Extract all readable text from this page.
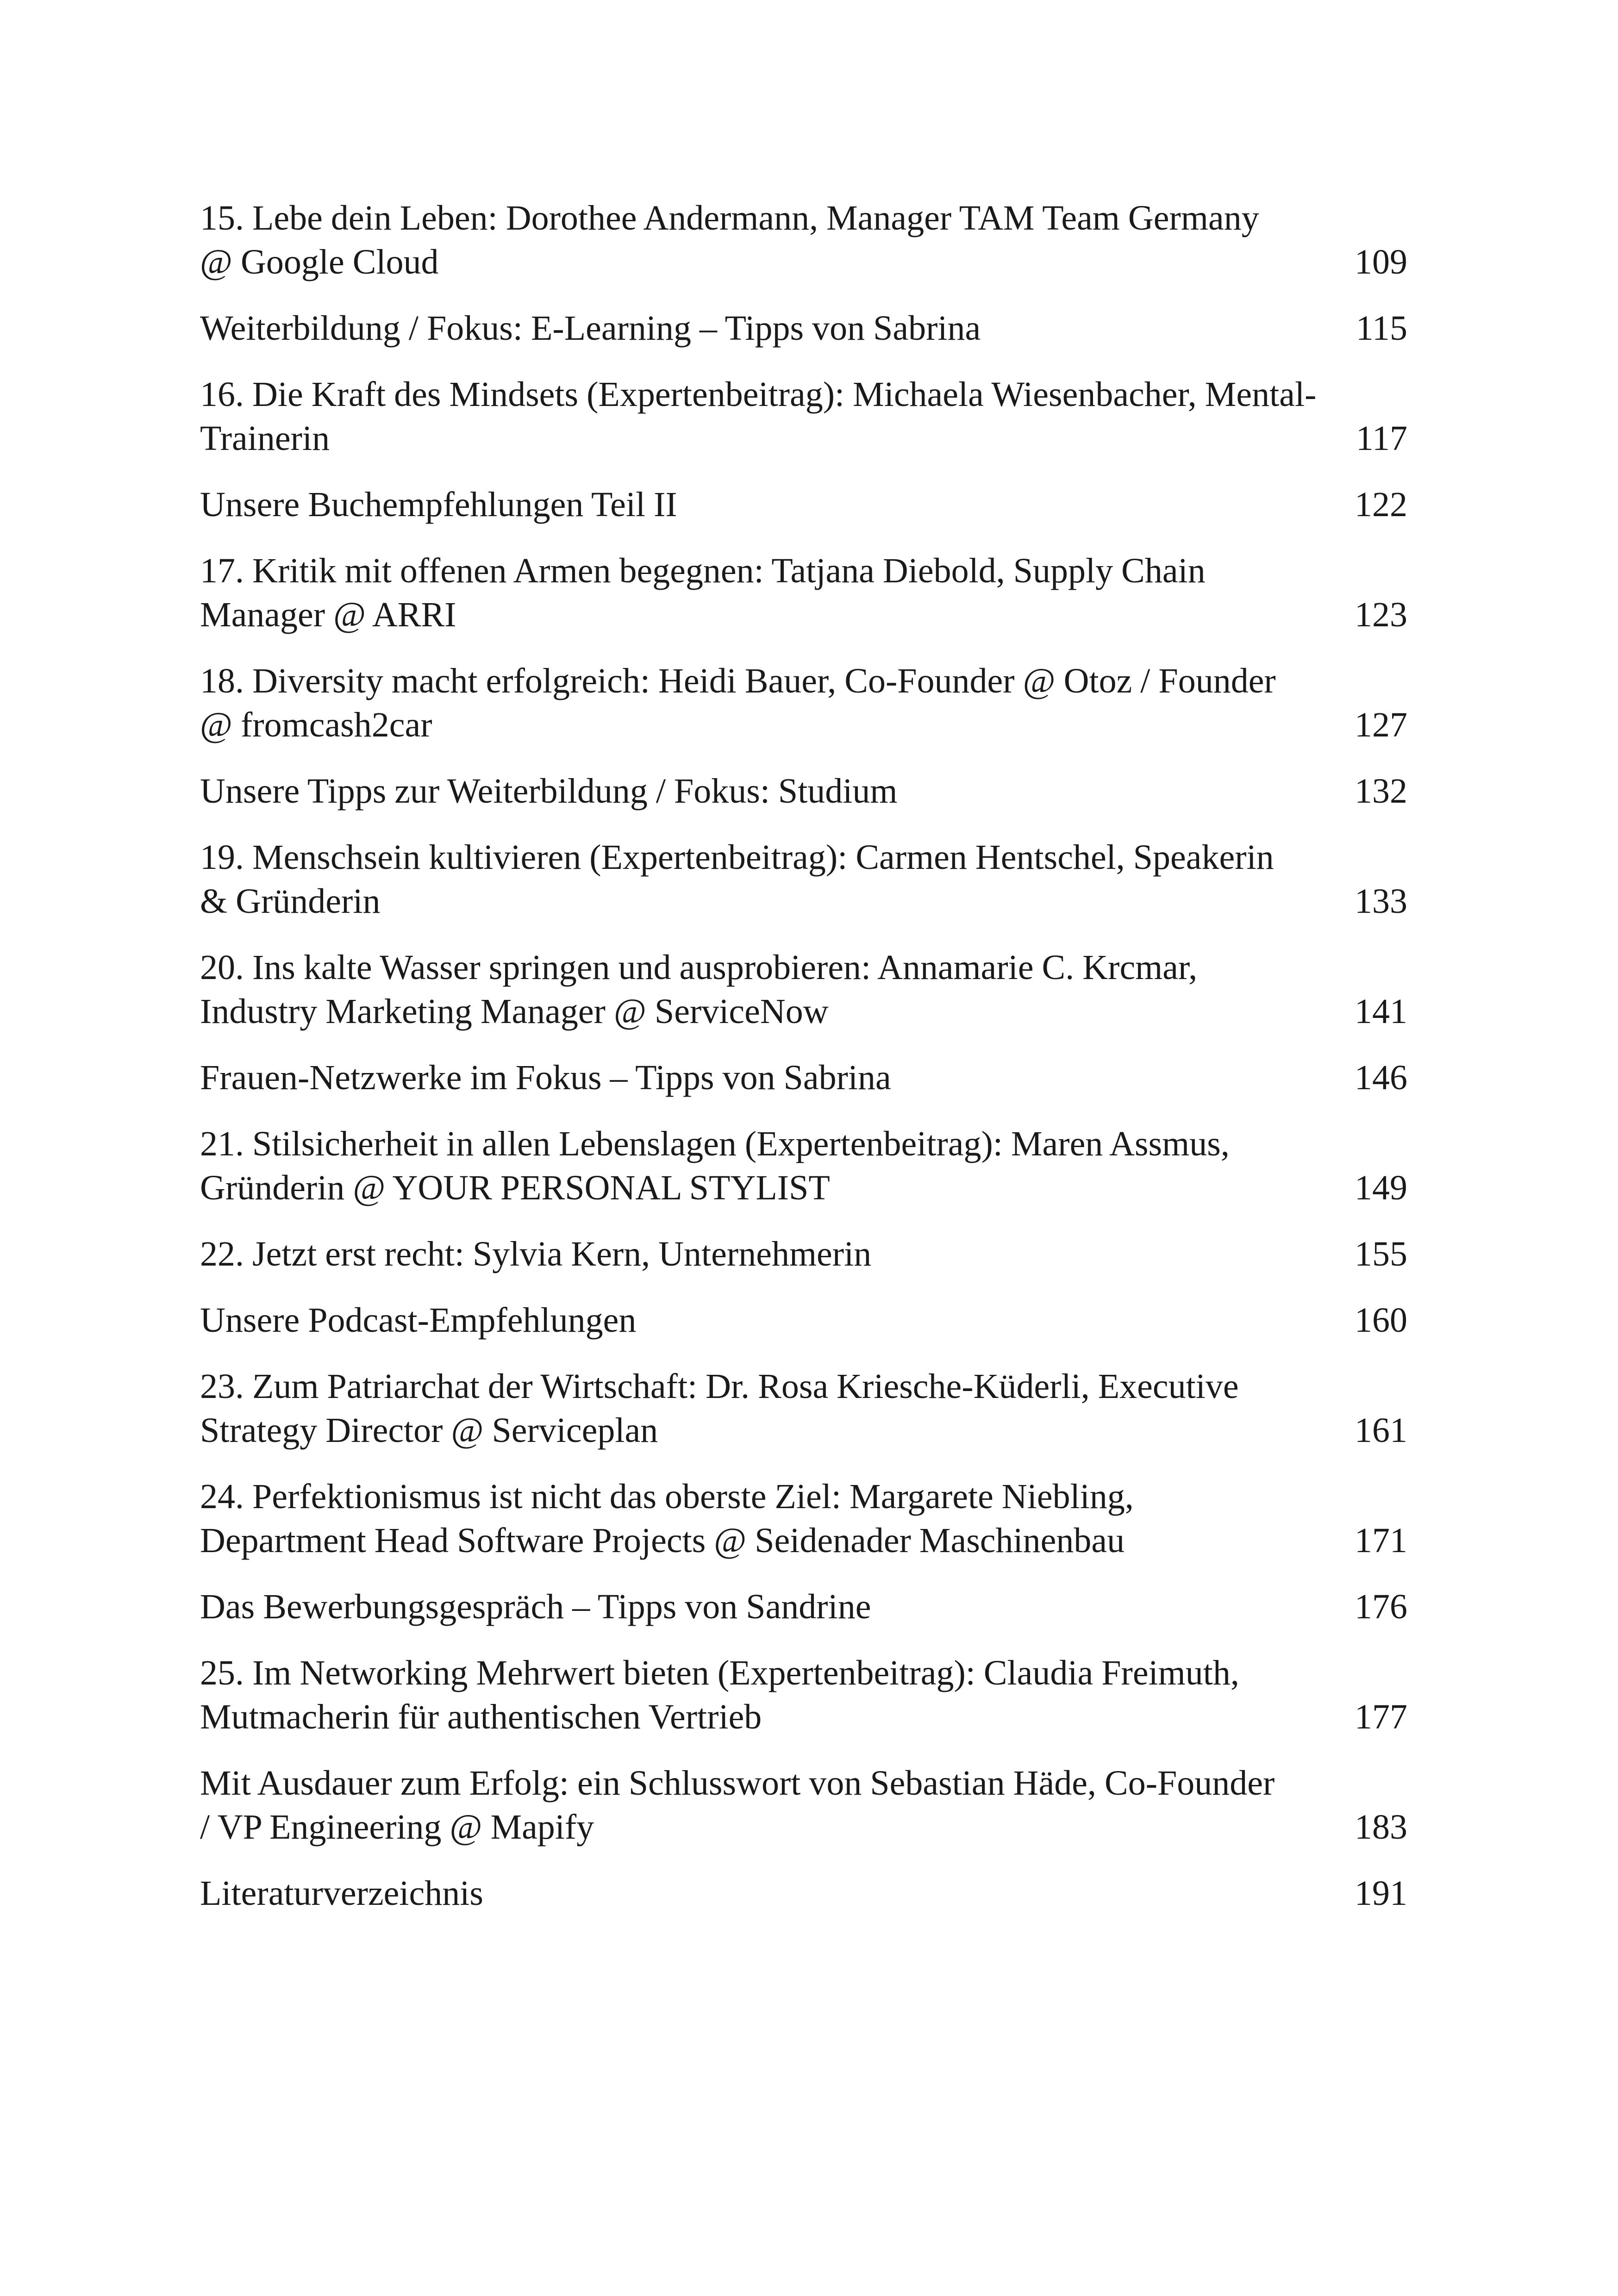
15. Lebe dein Leben: Dorothee Andermann, Manager TAM Team Germany
@ Google Cloud	109
Weiterbildung / Fokus: E-Learning – Tipps von Sabrina	115
16. Die Kraft des Mindsets (Expertenbeitrag): Michaela Wiesenbacher, Mental-
Trainerin	117
Unsere Buchempfehlungen Teil II	122
17. Kritik mit offenen Armen begegnen: Tatjana Diebold, Supply Chain
Manager @ ARRI	123
18. Diversity macht erfolgreich: Heidi Bauer, Co-Founder @ Otoz / Founder
@ fromcash2car	127
Unsere Tipps zur Weiterbildung / Fokus: Studium	132
19. Menschsein kultivieren (Expertenbeitrag): Carmen Hentschel, Speakerin
& Gründerin	133
20. Ins kalte Wasser springen und ausprobieren: Annamarie C. Krcmar,
Industry Marketing Manager @ ServiceNow	141
Frauen-Netzwerke im Fokus – Tipps von Sabrina	146
21. Stilsicherheit in allen Lebenslagen (Expertenbeitrag): Maren Assmus,
Gründerin @ YOUR PERSONAL STYLIST	149
22. Jetzt erst recht: Sylvia Kern, Unternehmerin	155
Unsere Podcast-Empfehlungen	160
23. Zum Patriarchat der Wirtschaft: Dr. Rosa Kriesche-Küderli, Executive
Strategy Director @ Serviceplan	161
24. Perfektionismus ist nicht das oberste Ziel: Margarete Niebling,
Department Head Software Projects @ Seidenader Maschinenbau	171
Das Bewerbungsgespräch – Tipps von Sandrine	176
25. Im Networking Mehrwert bieten (Expertenbeitrag): Claudia Freimuth,
Mutmacherin für authentischen Vertrieb	177
Mit Ausdauer zum Erfolg: ein Schlusswort von Sebastian Häde, Co-Founder
/ VP Engineering @ Mapify	183
Literaturverzeichnis	191
